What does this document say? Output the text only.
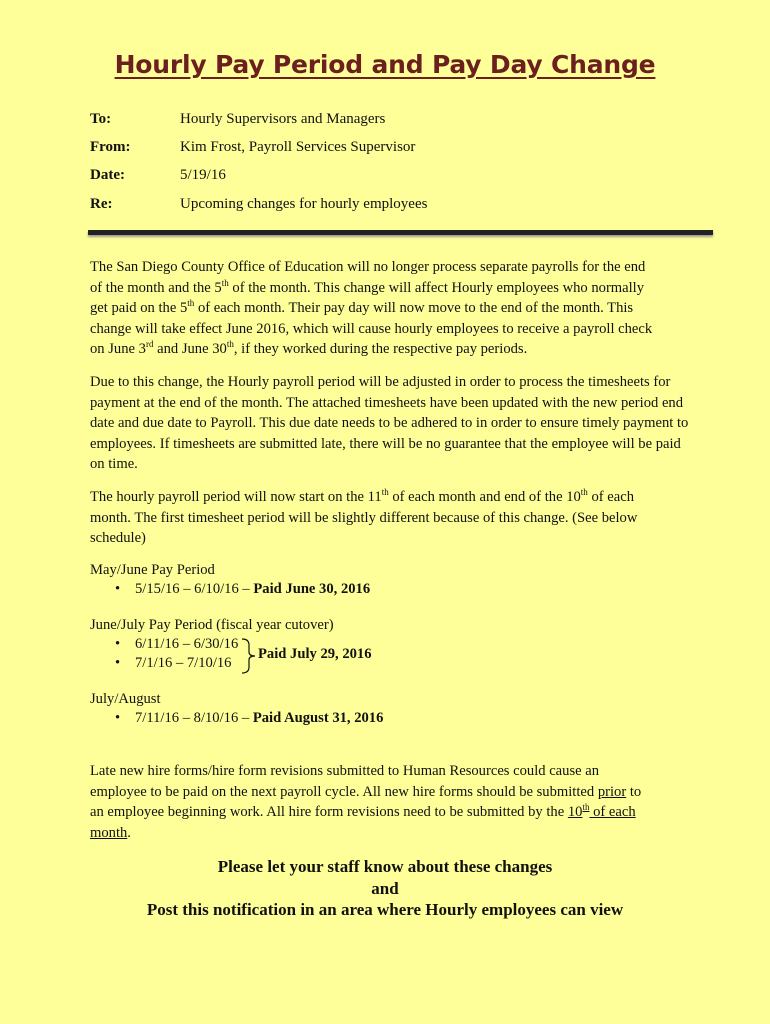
Hourly Pay Period and Pay Day Change
To:	Hourly Supervisors and Managers
From:	Kim Frost, Payroll Services Supervisor
Date:	5/19/16
Re:	Upcoming changes for hourly employees
The San Diego County Office of Education will no longer process separate payrolls for the end
of the month and the 5th of the month. This change will affect Hourly employees who normally
get paid on the 5th of each month. Their pay day will now move to the end of the month. This
change will take effect June 2016, which will cause hourly employees to receive a payroll check
on June 3rd and June 30th, if they worked during the respective pay periods.
Due to this change, the Hourly payroll period will be adjusted in order to process the timesheets for payment at the end of the month. The attached timesheets have been updated with the new period end date and due date to Payroll. This due date needs to be adhered to in order to ensure timely payment to employees. If timesheets are submitted late, there will be no guarantee that the employee will be paid on time.
The hourly payroll period will now start on the 11th of each month and end of the 10th of each
month. The first timesheet period will be slightly different because of this change. (See below
schedule)
May/June Pay Period
• 5/15/16 – 6/10/16 – Paid June 30, 2016
June/July Pay Period (fiscal year cutover)
• 6/11/16 – 6/30/16
• 7/1/16 – 7/10/16
Paid July 29, 2016
July/August
• 7/11/16 – 8/10/16 – Paid August 31, 2016
Late new hire forms/hire form revisions submitted to Human Resources could cause an
employee to be paid on the next payroll cycle. All new hire forms should be submitted prior to
an employee beginning work. All hire form revisions need to be submitted by the 10th of each
month.
Please let your staff know about these changes
and
Post this notification in an area where Hourly employees can view
